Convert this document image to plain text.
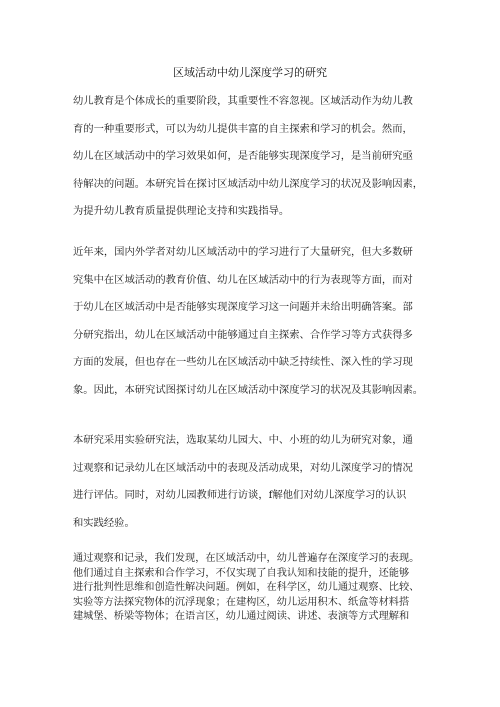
区域活动中幼儿深度学习的研究
幼儿教育是个体成长的重要阶段，其重要性不容忽视。区域活动作为幼儿教
育的一种重要形式，可以为幼儿提供丰富的自主探索和学习的机会。然而，
幼儿在区域活动中的学习效果如何，是否能够实现深度学习，是当前研究亟
待解决的问题。本研究旨在探讨区域活动中幼儿深度学习的状况及影响因素，
为提升幼儿教育质量提供理论支持和实践指导。
近年来，国内外学者对幼儿区域活动中的学习进行了大量研究，但大多数研
究集中在区域活动的教育价值、幼儿在区域活动中的行为表现等方面，而对
于幼儿在区域活动中是否能够实现深度学习这一问题并未给出明确答案。部
分研究指出，幼儿在区域活动中能够通过自主探索、合作学习等方式获得多
方面的发展，但也存在一些幼儿在区域活动中缺乏持续性、深入性的学习现
象。因此，本研究试图探讨幼儿在区域活动中深度学习的状况及其影响因素。
本研究采用实验研究法，选取某幼儿园大、中、小班的幼儿为研究对象，通
过观察和记录幼儿在区域活动中的表现及活动成果，对幼儿深度学习的情况
进行评估。同时，对幼儿园教师进行访谈，f解他们对幼儿深度学习的认识
和实践经验。
通过观察和记录，我们发现，在区域活动中，幼儿普遍存在深度学习的表现。
他们通过自主探索和合作学习，不仅实现了自我认知和技能的提升，还能够
进行批判性思维和创造性解决问题。例如，在科学区，幼儿通过观察、比较、
实验等方法探究物体的沉浮现象；在建构区，幼儿运用积木、纸盒等材料搭
建城堡、桥梁等物体；在语言区，幼儿通过阅读、讲述、表演等方式理解和
